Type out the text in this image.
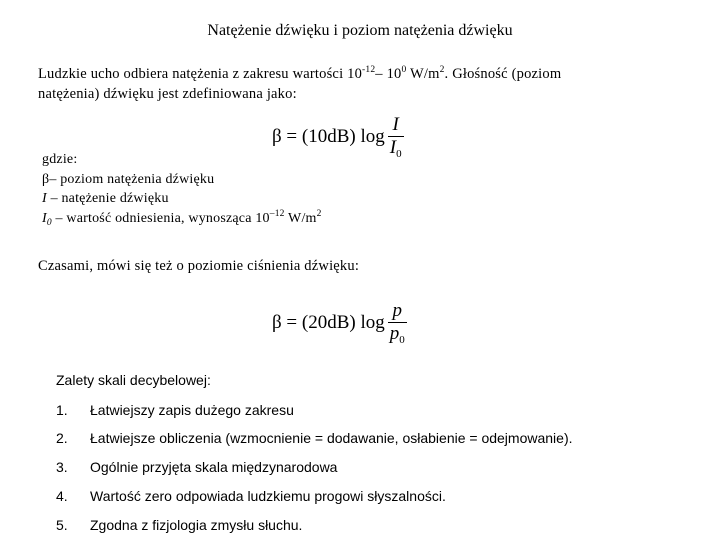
Natężenie dźwięku i poziom natężenia dźwięku
Ludzkie ucho odbiera natężenia z zakresu wartości $10^{-12}-$ $10^0$ $W/m^2$. Głośność (poziom
natężenia) dźwięku jest zdefiniowana jako:
β = (10dB) $\log \frac{I}{I_0}$
gdzie:
β– poziom natężenia dźwięku
I – natężenie dźwięku
$I_0$ – wartość odniesienia, wynosząca $10^{-12}$ $W/m^2$
Czasami, mówi się też o poziomie ciśnienia dźwięku:
β = (20dB) $\log \frac{p}{p_0}$
Zalety skali decybelowej:
1. Łatwiejszy zapis dużego zakresu
2. Łatwiejsze obliczenia (wzmocnienie = dodawanie, osłabienie = odejmowanie).
3. Ogólnie przyjęta skala międzynarodowa
4. Wartość zero odpowiada ludzkiemu progowi słyszalności.
5. Zgodna z fizjologia zmysłu słuchu.
